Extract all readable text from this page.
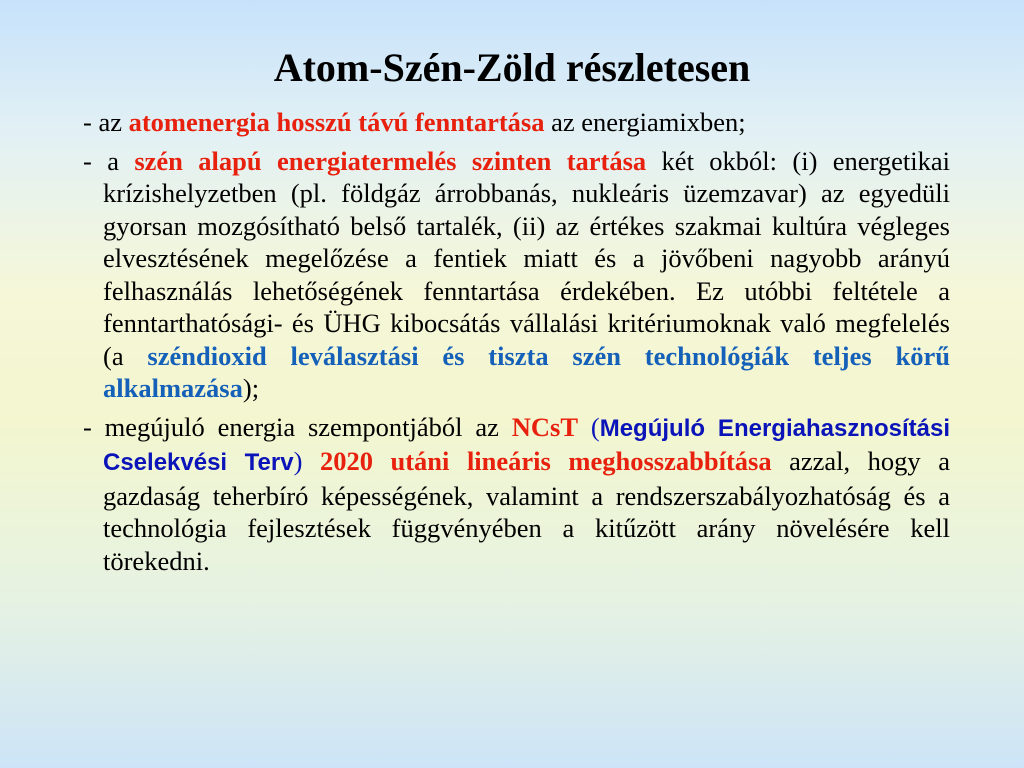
Atom-Szén-Zöld részletesen
- az atomenergia hosszú távú fenntartása az energiamixben;
- a szén alapú energiatermelés szinten tartása két okból: (i) energetikai krízishelyzetben (pl. földgáz árrobbanás, nukleáris üzemzavar) az egyedüli gyorsan mozgósítható belső tartalék, (ii) az értékes szakmai kultúra végleges elvesztésének megelőzése a fentiek miatt és a jövőbeni nagyobb arányú felhasználás lehetőségének fenntartása érdekében. Ez utóbbi feltétele a fenntarthatósági- és ÜHG kibocsátás vállalási kritériumoknak való megfelelés (a széndioxid leválasztási és tiszta szén technológiák teljes körű alkalmazása);
- megújuló energia szempontjából az NCsT (Megújuló Energiahasznosítási Cselekvési Terv) 2020 utáni lineáris meghosszabbítása azzal, hogy a gazdaság teherbíró képességének, valamint a rendszerszabályozhatóság és a technológia fejlesztések függvényében a kitűzött arány növelésére kell törekedni.
